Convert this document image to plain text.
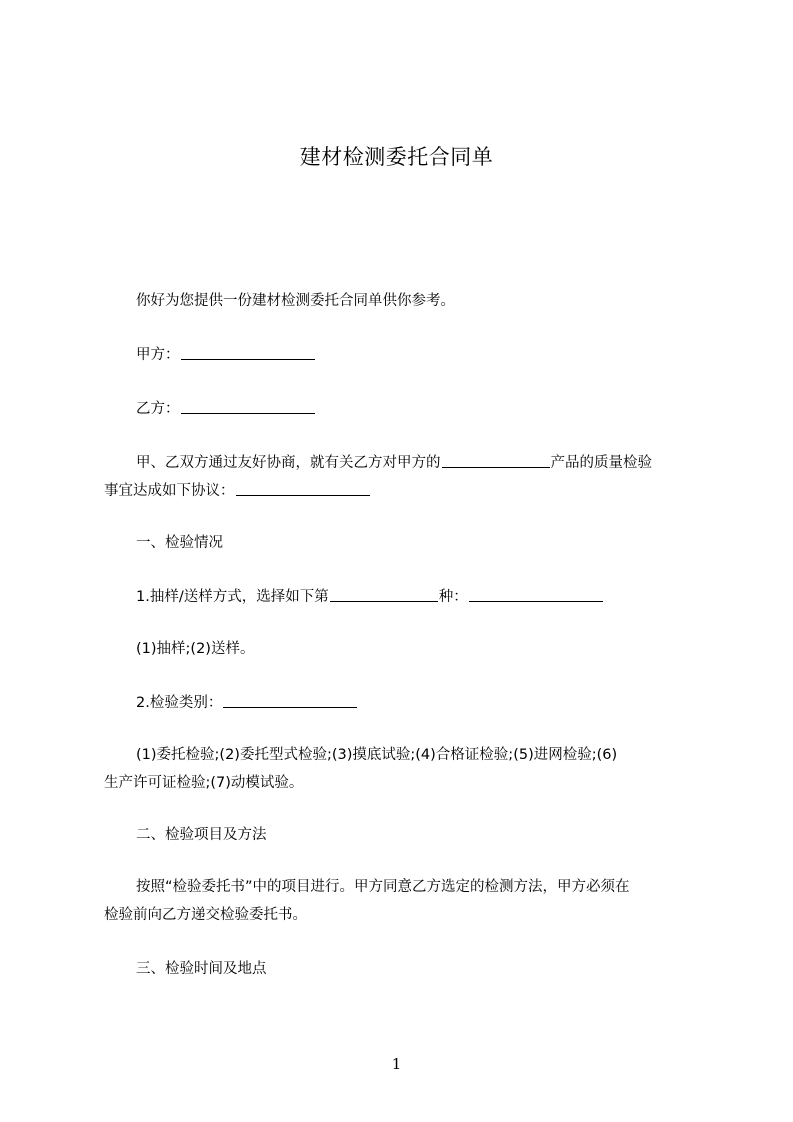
建材检测委托合同单
你好为您提供一份建材检测委托合同单供你参考。
甲方：
乙方：
甲、乙双方通过友好协商，就有关乙方对甲方的	产品的质量检验
事宜达成如下协议：
一、检验情况
1.抽样/送样方式，选择如下第	种：
(1)抽样;(2)送样。
2.检验类别：
(1)委托检验;(2)委托型式检验;(3)摸底试验;(4)合格证检验;(5)进网检验;(6)
生产许可证检验;(7)动模试验。
二、检验项目及方法
按照“检验委托书”中的项目进行。甲方同意乙方选定的检测方法，甲方必须在
检验前向乙方递交检验委托书。
三、检验时间及地点
1
